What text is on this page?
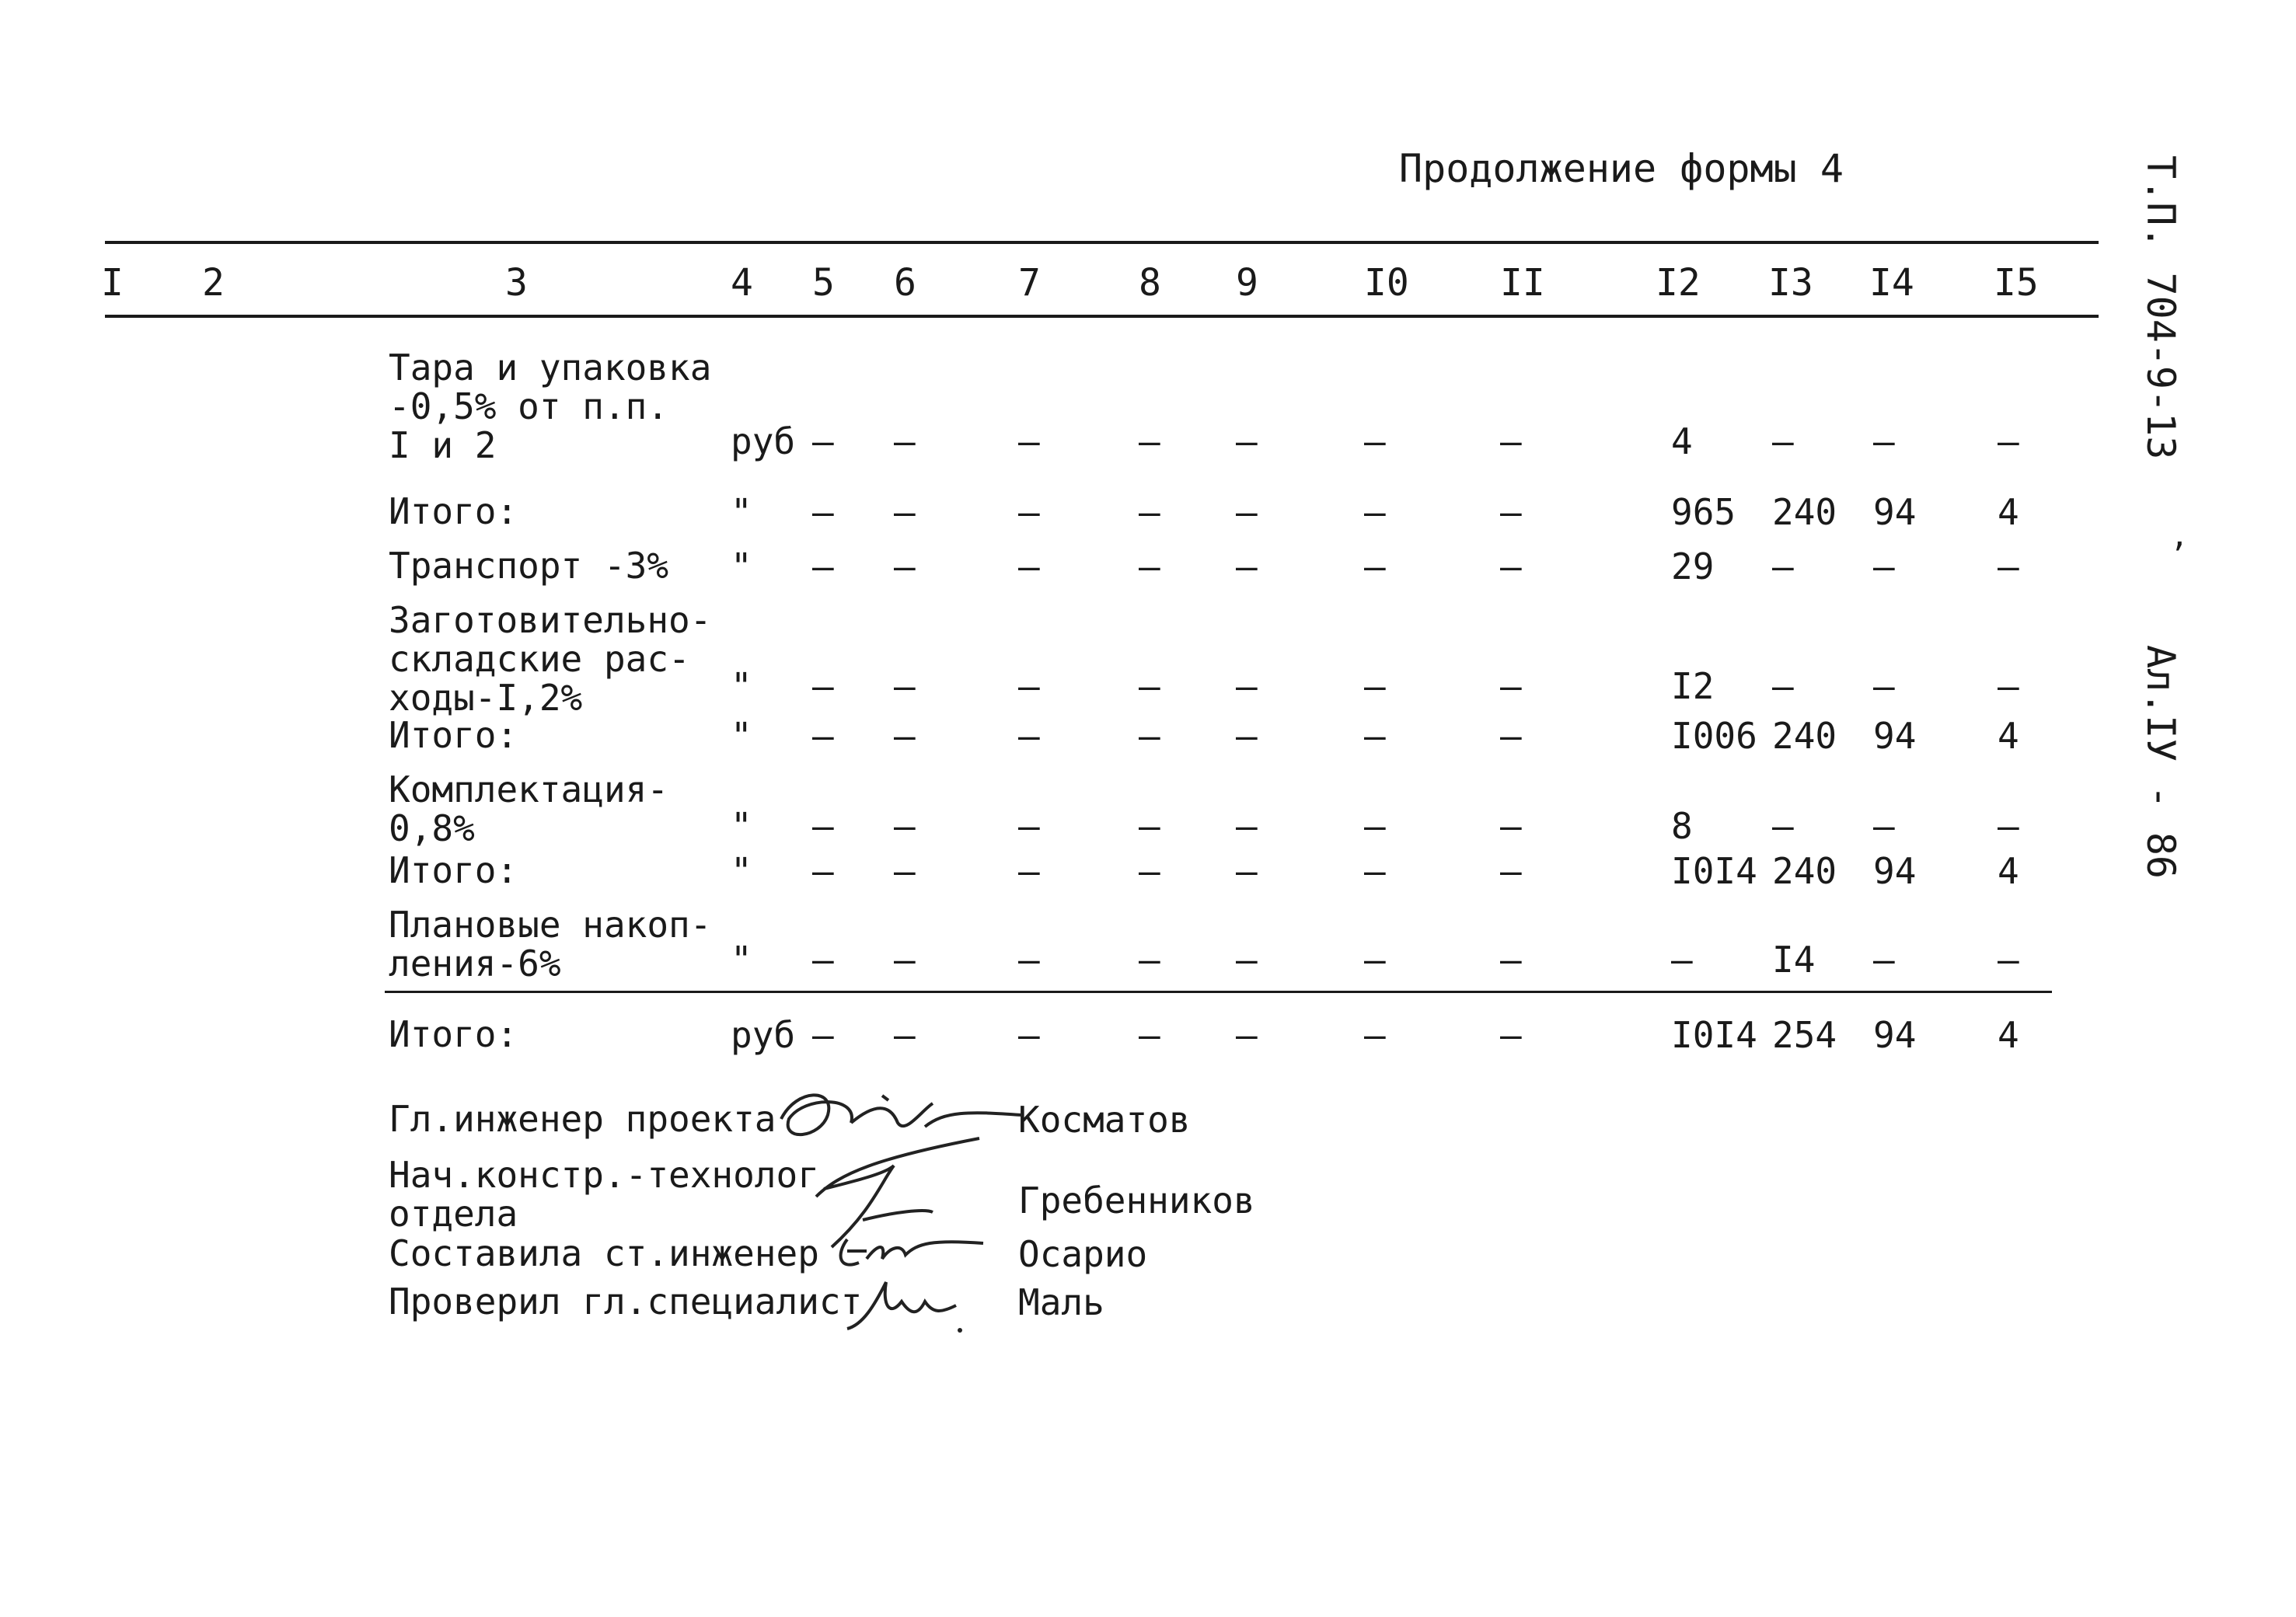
Продолжение формы 4	Т.П. 704-9-13
Ал.IУ - 86
,
I 2	3	4 5 6	7	8 9	I0 II	I2 I3 I4 I5
Тара и упаковка
-0,5% от п.п.
I и 2	руб – –	–	– –	–	–	4 – –	–
Итого:	" – –	–	– –	–	–	965 240 94 4
Транспорт -3% " – –	–	– –	–	–	29 – –	–
Заготовительно-
складские рас-
ходы-I,2%	" – –	–	– –	–	–	I2 – –	–
Итого:	" – –	–	– –	–	–	I006 240 94 4
Комплектация-
0,8%	" – –	–	– –	–	–	8 – –	–
Итого:	" – –	–	– –	–	–	I0I4 240 94 4
Плановые накоп-
ления-6%	" – –	–	– –	–	–	– I4 –	–
Итого:	руб – –	–	– –	–	–	I0I4 254 94 4
Гл.инженер проекта	Косматов
Нач.констр.-технолог
отдела	Гребенников
Составила ст.инженер	Осарио
Проверил гл.специалист	Маль
